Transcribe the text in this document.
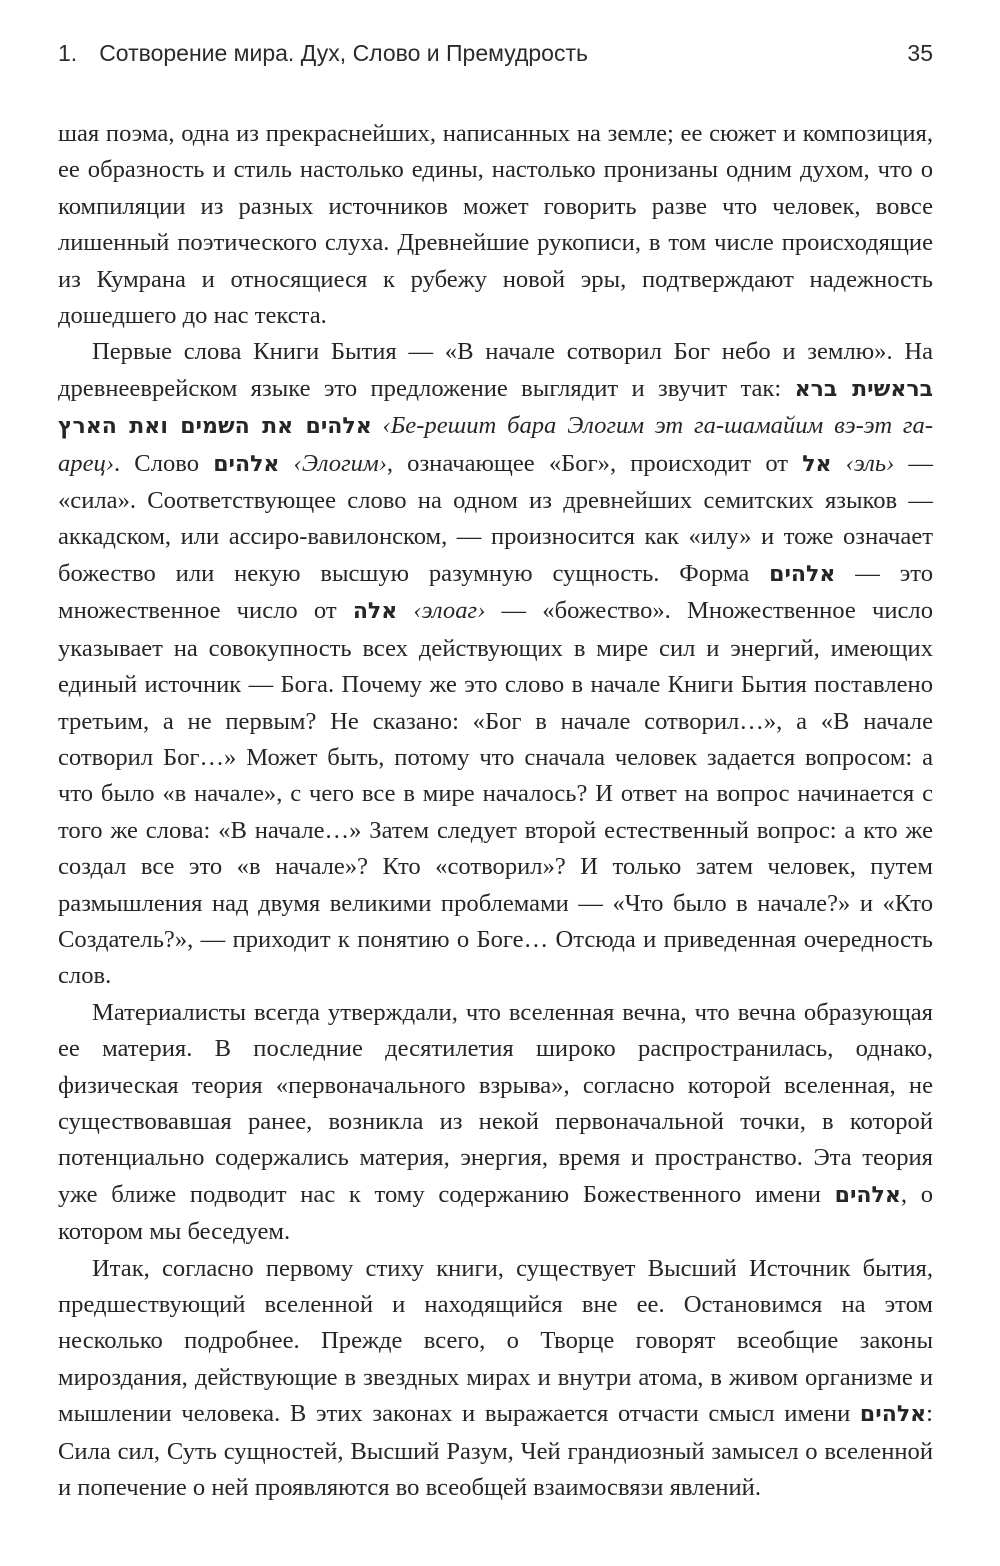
1. Сотворение мира. Дух, Слово и Премудрость	35

шая поэма, одна из прекраснейших, написанных на земле; ее сюжет и композиция, ее образность и стиль настолько едины, настолько пронизаны одним духом, что о компиляции из разных источников может говорить разве что человек, вовсе лишенный поэтического слуха. Древнейшие рукописи, в том числе происходящие из Кумрана и относящиеся к рубежу новой эры, подтверждают надежность дошедшего до нас текста.

Первые слова Книги Бытия — «В начале сотворил Бог небо и землю». На древнееврейском языке это предложение выглядит и звучит так: בראשית ברא אלהים את השמים ואת הארץ ‹Бе-решит бара Элогим эт га-шамайим вэ-эт га-арец›. Слово אלהים ‹Элогим›, означающее «Бог», происходит от אל ‹эль› — «сила». Соответствующее слово на одном из древнейших семитских языков — аккадском, или ассиро-вавилонском, — произносится как «илу» и тоже означает божество или некую высшую разумную сущность. Форма אלהים — это множественное число от אלה ‹элоаг› — «божество». Множественное число указывает на совокупность всех действующих в мире сил и энергий, имеющих единый источник — Бога. Почему же это слово в начале Книги Бытия поставлено третьим, а не первым? Не сказано: «Бог в начале сотворил…», а «В начале сотворил Бог…» Может быть, потому что сначала человек задается вопросом: а что было «в начале», с чего все в мире началось? И ответ на вопрос начинается с того же слова: «В начале…» Затем следует второй естественный вопрос: а кто же создал все это «в начале»? Кто «сотворил»? И только затем человек, путем размышления над двумя великими проблемами — «Что было в начале?» и «Кто Создатель?», — приходит к понятию о Боге… Отсюда и приведенная очередность слов.

Материалисты всегда утверждали, что вселенная вечна, что вечна образующая ее материя. В последние десятилетия широко распространилась, однако, физическая теория «первоначального взрыва», согласно которой вселенная, не существовавшая ранее, возникла из некой первоначальной точки, в которой потенциально содержались материя, энергия, время и пространство. Эта теория уже ближе подводит нас к тому содержанию Божественного имени אלהים, о котором мы беседуем.

Итак, согласно первому стиху книги, существует Высший Источник бытия, предшествующий вселенной и находящийся вне ее. Остановимся на этом несколько подробнее. Прежде всего, о Творце говорят всеобщие законы мироздания, действующие в звездных мирах и внутри атома, в живом организме и мышлении человека. В этих законах и выражается отчасти смысл имени אלהים: Сила сил, Суть сущностей, Высший Разум, Чей грандиозный замысел о вселенной и попечение о ней проявляются во всеобщей взаимосвязи явлений.
